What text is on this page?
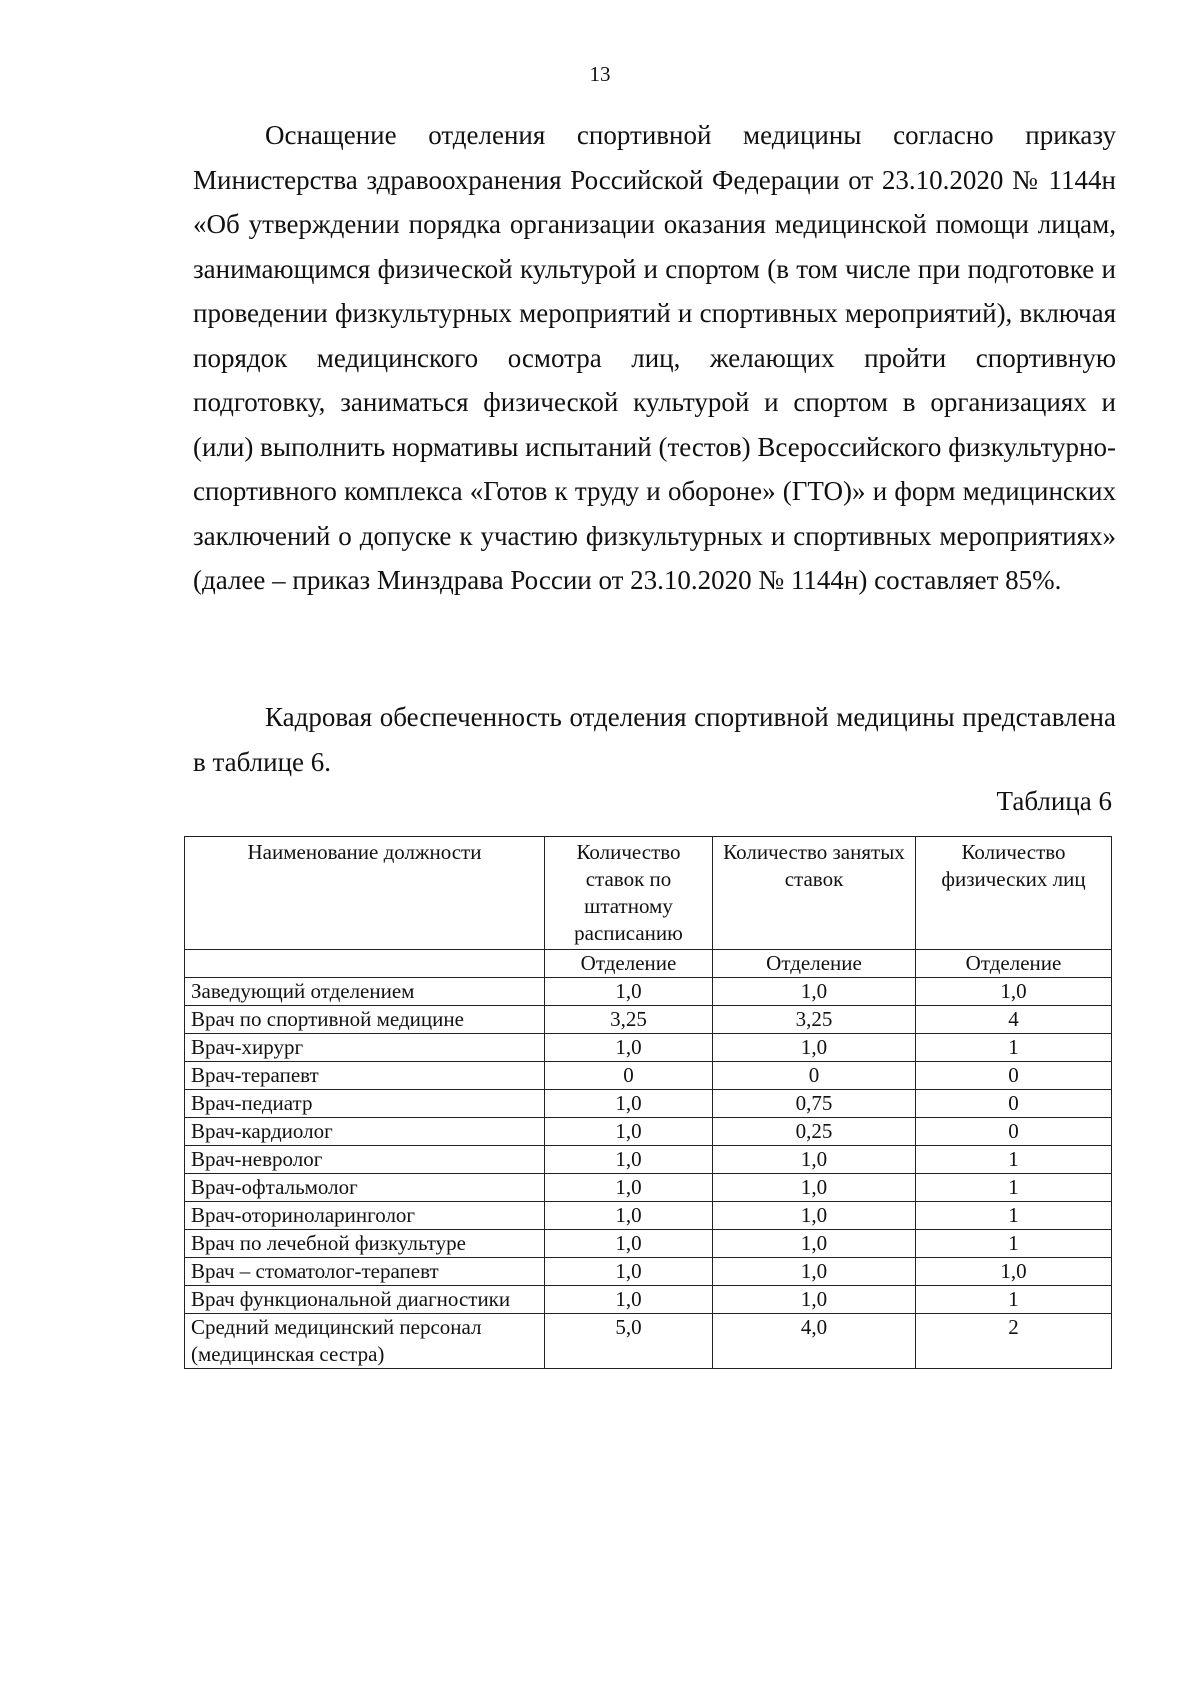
13

Оснащение отделения спортивной медицины согласно приказу Министерства здравоохранения Российской Федерации от 23.10.2020 № 1144н «Об утверждении порядка организации оказания медицинской помощи лицам, занимающимся физической культурой и спортом (в том числе при подготовке и проведении физкультурных мероприятий и спортивных мероприятий), включая порядок медицинского осмотра лиц, желающих пройти спортивную подготовку, заниматься физической культурой и спортом в организациях и (или) выполнить нормативы испытаний (тестов) Всероссийского физкультурно-спортивного комплекса «Готов к труду и обороне» (ГТО)» и форм медицинских заключений о допуске к участию физкультурных и спортивных мероприятиях» (далее – приказ Минздрава России от 23.10.2020 № 1144н) составляет 85%.

Кадровая обеспеченность отделения спортивной медицины представлена в таблице 6.

Таблица 6
Наименование должности	Количество ставок по штатному расписанию	Количество занятых ставок	Количество физических лиц
	Отделение	Отделение	Отделение
Заведующий отделением	1,0	1,0	1,0
Врач по спортивной медицине	3,25	3,25	4
Врач-хирург	1,0	1,0	1
Врач-терапевт	0	0	0
Врач-педиатр	1,0	0,75	0
Врач-кардиолог	1,0	0,25	0
Врач-невролог	1,0	1,0	1
Врач-офтальмолог	1,0	1,0	1
Врач-оториноларинголог	1,0	1,0	1
Врач по лечебной физкультуре	1,0	1,0	1
Врач – стоматолог-терапевт	1,0	1,0	1,0
Врач функциональной диагностики	1,0	1,0	1
Средний медицинский персонал (медицинская сестра)	5,0	4,0	2
